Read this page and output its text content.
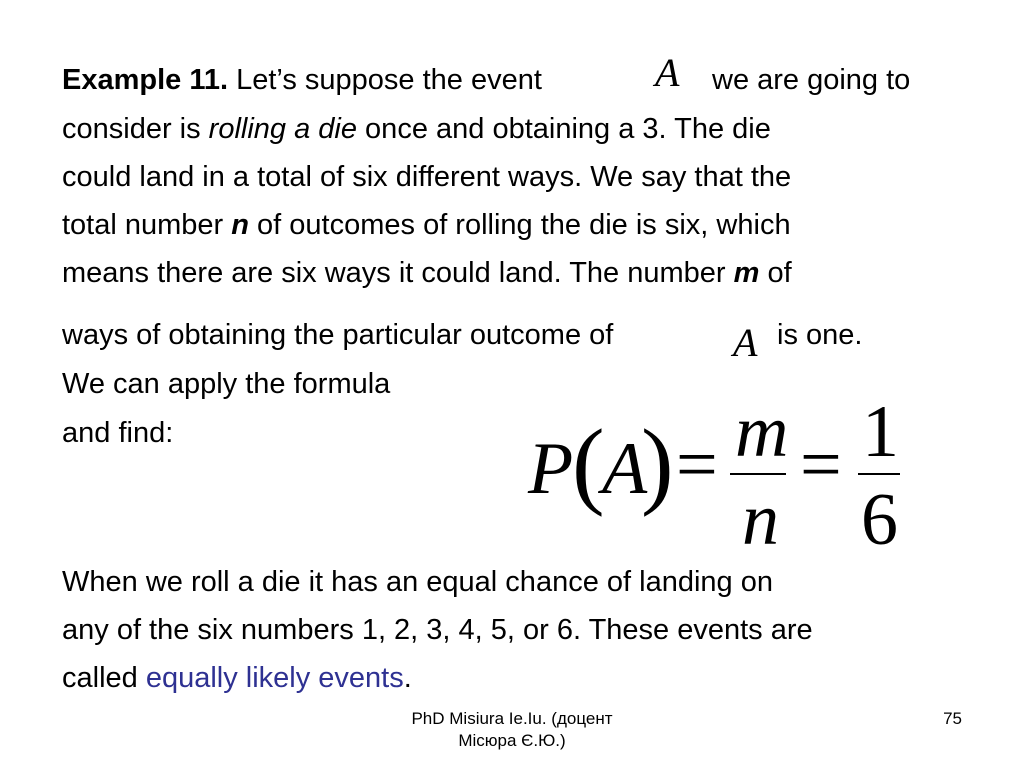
Example 11. Let’s suppose the event	A we are going to
consider is rolling a die once and obtaining a 3. The die
could land in a total of six different ways. We say that the
total number n of outcomes of rolling the die is six, which
means there are six ways it could land. The number m of
ways of obtaining the particular outcome of	A is one.
We can apply the formula
and find:	P
(
A
) = m
n
= 1
6
When we roll a die it has an equal chance of landing on
any of the six numbers 1, 2, 3, 4, 5, or 6. These events are
called equally likely events.
PhD Misiura Ie.Iu. (доцент
Місюра Є.Ю.)
75
